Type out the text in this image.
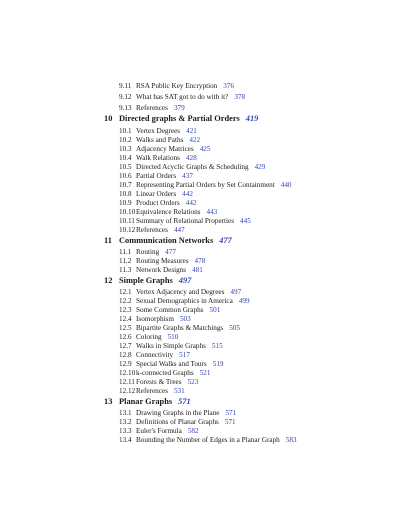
9.11 RSA Public Key Encryption 376
9.12 What has SAT got to do with it? 378
9.13 References 379
10 Directed graphs & Partial Orders 419
10.1 Vertex Degrees 421
10.2 Walks and Paths 422
10.3 Adjacency Matrices 425
10.4 Walk Relations 428
10.5 Directed Acyclic Graphs & Scheduling 429
10.6 Partial Orders 437
10.7 Representing Partial Orders by Set Containment 440
10.8 Linear Orders 442
10.9 Product Orders 442
10.10Equivalence Relations 443
10.11Summary of Relational Properties 445
10.12References 447
11 Communication Networks 477
11.1 Routing 477
11.2 Routing Measures 478
11.3 Network Designs 481
12 Simple Graphs 497
12.1 Vertex Adjacency and Degrees 497
12.2 Sexual Demographics in America 499
12.3 Some Common Graphs 501
12.4 Isomorphism 503
12.5 Bipartite Graphs & Matchings 505
12.6 Coloring 510
12.7 Walks in Simple Graphs 515
12.8 Connectivity 517
12.9 Special Walks and Tours 519
12.10k-connected Graphs 521
12.11Forests & Trees 523
12.12References 531
13 Planar Graphs 571
13.1 Drawing Graphs in the Plane 571
13.2 Definitions of Planar Graphs 571
13.3 Euler's Formula 582
13.4 Bounding the Number of Edges in a Planar Graph 583
